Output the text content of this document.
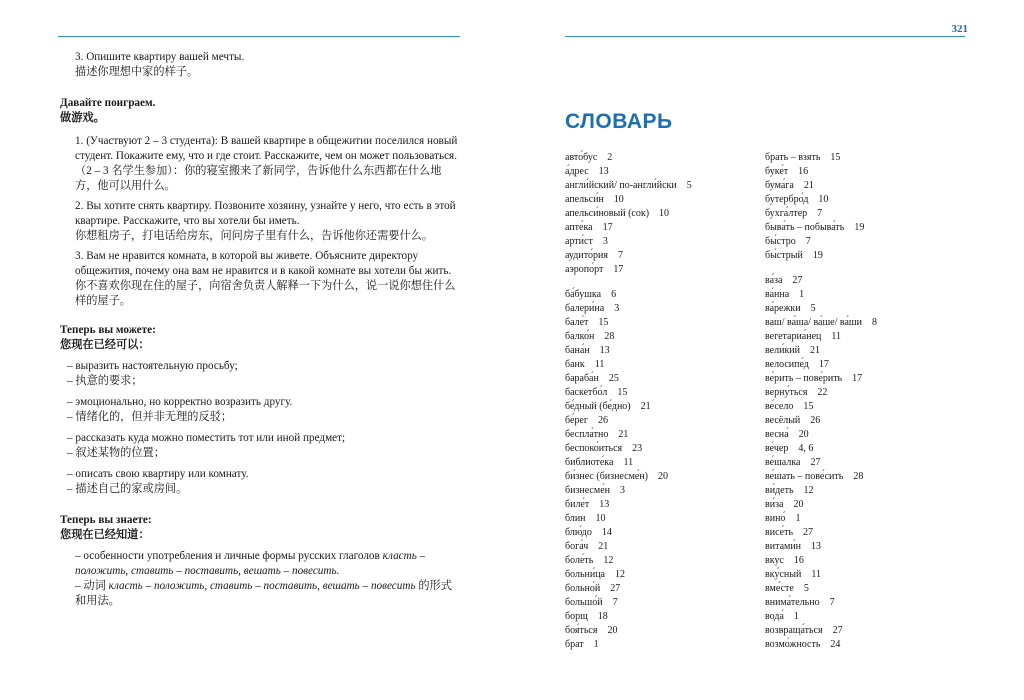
321

3. Опишите квартиру вашей мечты.

描述你理想中家的样子。

Давайте поиграем.

做游戏。

1. (Участвуют 2 – 3 студента): В вашей квартире в общежитии поселился новый студент. Покажите ему, что и где стоит. Расскажите, чем он может пользоваться.

（2 – 3 名学生参加）：你的寝室搬来了新同学，告诉他什么东西都在什么地方，他可以用什么。

2. Вы хотите снять квартиру. Позвоните хозяину, узнайте у него, что есть в этой квартире. Расскажите, что вы хотели бы иметь.

你想租房子，打电话给房东，问问房子里有什么，告诉他你还需要什么。

3. Вам не нравится комната, в которой вы живете. Объясните директору общежития, почему она вам не нравится и в какой комнате вы хотели бы жить.

你不喜欢你现在住的屋子，向宿舍负责人解释一下为什么，说一说你想住什么样的屋子。

Теперь вы можете:

您现在已经可以：

– выразить настоятельную просьбу;

– 执意的要求；

– эмоционально, но корректно возразить другу.

– 情绪化的，但并非无理的反驳；

– рассказать куда можно поместить тот или иной предмет;

– 叙述某物的位置；

– описать свою квартиру или комнату.

– 描述自己的家或房间。

Теперь вы знаете:

您现在已经知道：

– особенности употребления и личные формы русских глаголов класть – положить, ставить – поставить, вешать – повесить.

– 动词 класть – положить, ставить – поставить, вешать – повесить 的形式和用法。

СЛОВАРЬ
авто́бус 2
а́дрес 13
англи́йский/ по-англи́йски 5
апельси́н 10
апельси́новый (сок) 10
апте́ка 17
арти́ст 3
аудито́рия 7
аэропо́рт 17
ба́бушка 6
балери́на 3
бале́т 15
балко́н 28
бана́н 13
банк 11
бараба́н 25
баскетбо́л 15
бе́дный (бе́дно) 21
бе́рег 26
беспла́тно 21
беспоко́иться 23
библиоте́ка 11
би́знес (бизнесме́н) 20
бизнесме́н 3
биле́т 13
блин 10
блю́до 14
бога́ч 21
боле́ть 12
больни́ца 12
больно́й 27
большо́й 7
борщ 18
боя́ться 20
брат 1
брать – взять 15
буке́т 16
бума́га 21
бутербро́д 10
бухга́лтер 7
быва́ть – побыва́ть 19
бы́стро 7
бы́стрый 19
ва́за 27
ва́нна 1
ва́режки 5
ваш/ ва́ша/ ва́ше/ ва́ши 8
вегетариа́нец 11
вели́кий 21
велосипе́д 17
ве́рить – пове́рить 17
верну́ться 22
ве́село 15
весёлый 26
весна́ 20
ве́чер 4, 6
ве́шалка 27
ве́шать – пове́сить 28
ви́деть 12
ви́за 20
вино́ 1
висе́ть 27
витами́н 13
вкус 16
вку́сный 11
вме́сте 5
внима́тельно 7
вода́ 1
возвраща́ться 27
возмо́жность 24
